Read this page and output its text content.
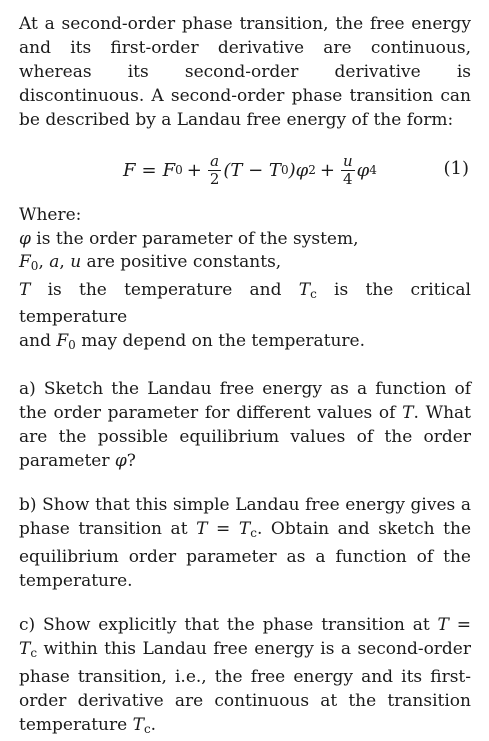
At a second-order phase transition, the free energy and its first-order derivative are continuous, whereas its second-order derivative is discontinuous. A second-order phase transition can be described by a Landau free energy of the form:

F = F $0 + \frac{a}{2} (T - T$ 0 )φ $2 + \frac{u}{4}$ φ 4	(1)

Where:

φ is the order parameter of the system,

$F_0$, a, u are positive constants,

T is the temperature and $T_c$ is the critical temperature

and $F_0$ may depend on the temperature.

a) Sketch the Landau free energy as a function of the order parameter for different values of T. What are the possible equilibrium values of the order parameter φ?

b) Show that this simple Landau free energy gives a phase transition at $T = T_c$. Obtain and sketch the equilibrium order parameter as a function of the temperature.

c) Show explicitly that the phase transition at $T = T_c$ within this Landau free energy is a second-order phase transition, i.e., the free energy and its first-order derivative are continuous at the transition temperature $T_c$.
